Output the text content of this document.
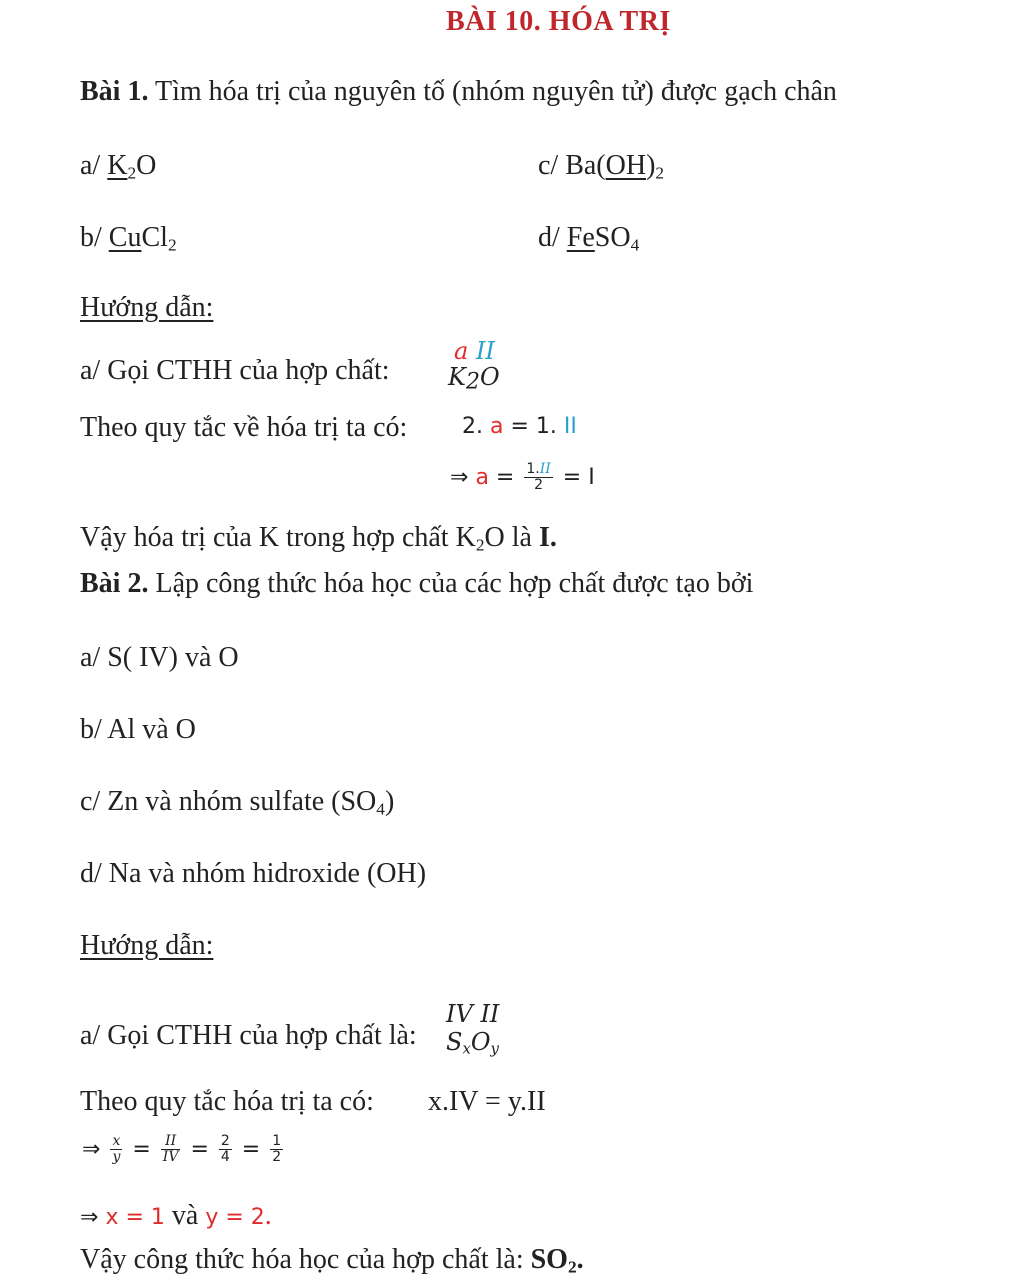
BÀI 10. HÓA TRỊ
Bài 1. Tìm hóa trị của nguyên tố (nhóm nguyên tử) được gạch chân
a/ $K_2O$	c/ $Ba(OH)_2$
b/ CuCl$_2$	d/ FeSO$_4$
Hướng dẫn:
a/ Gọi CTHH của hợp chất:
a II
$K_2O$
Theo quy tắc về hóa trị ta có: 2. a = 1. II
⇒ $a = \frac{1.II}{2} = I$
Vậy hóa trị của K trong hợp chất $K_2O$ là I.
Bài 2. Lập công thức hóa học của các hợp chất được tạo bởi
a/ S( IV) và O
b/ Al và O
c/ Zn và nhóm sulfate $(SO_4)$
d/ Na và nhóm hidroxide (OH)
Hướng dẫn:
a/ Gọi CTHH của hợp chất là:
IV II
$S_xO_y$
Theo quy tắc hóa trị ta có: x.IV = y.II
⇒ $\frac{x}{y} = \frac{II}{IV} = \frac{2}{4} = \frac{1}{2}$
⇒ x = 1 và y = 2.
Vậy công thức hóa học của hợp chất là: $SO_2$.
